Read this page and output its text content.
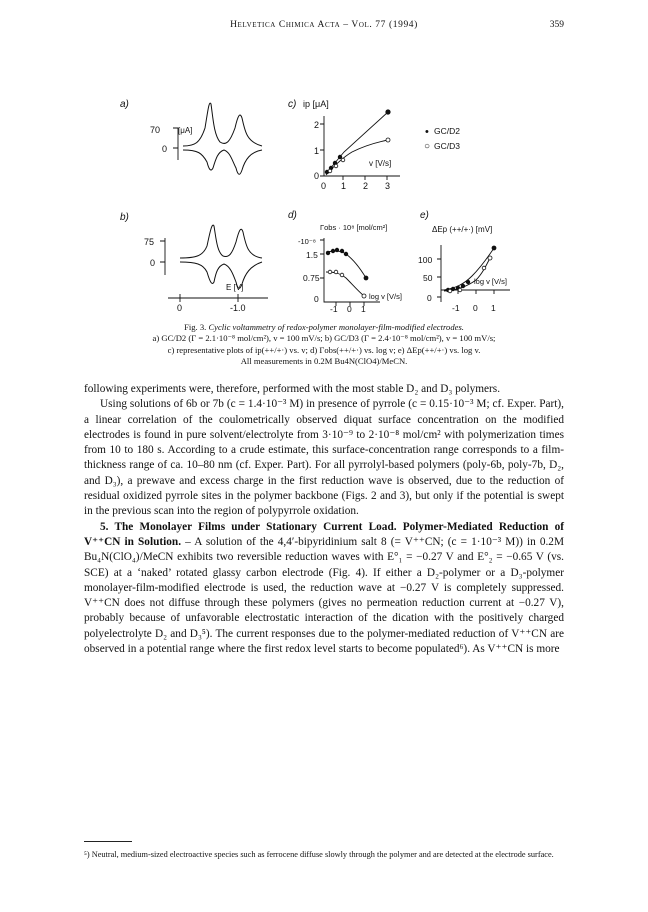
Helvetica Chimica Acta – Vol. 77 (1994)	359
a)
70 [μA]
0
b)
75
0
E [V]
0	-1.0
c) ip [μA]
2
1
0
0 1 2 3
v [V/s]
• GC/D2
○ GC/D3
d)
Γobs · 10⁸ [mol/cm²]
-10⁻⁸
1.5
0.75
0
-1 0 1
log v [V/s]
e)
ΔEp (++/+·) [mV]
100
50
0
-1 0 1
log v [V/s]
Fig. 3. Cyclic voltammetry of redox-polymer monolayer-film-modified electrodes.
a) GC/D2 (Γ = 2.1·10⁻⁸ mol/cm²), v = 100 mV/s; b) GC/D3 (Γ = 2.4·10⁻⁸ mol/cm²), v = 100 mV/s;
c) representative plots of ip(++/+·) vs. v; d) Γobs(++/+·) vs. log v; e) ΔEp(++/+·) vs. log v.
All measurements in 0.2M Bu4N(ClO4)/MeCN.

following experiments were, therefore, performed with the most stable D₂ and D₃ polymers.

Using solutions of 6b or 7b (c = 1.4·10⁻³ M) in presence of pyrrole (c = 0.15·10⁻³ M; cf. Exper. Part), a linear correlation of the coulometrically observed diquat surface concentration on the modified electrodes is found in pure solvent/electrolyte from 3·10⁻⁹ to 2·10⁻⁸ mol/cm² with polymerization times from 10 to 180 s. According to a crude estimate, this surface-concentration range corresponds to a film-thickness range of ca. 10–80 nm (cf. Exper. Part). For all pyrrolyl-based polymers (poly-6b, poly-7b, D₂, and D₃), a prewave and excess charge in the first reduction wave is observed, due to the reduction of residual oxidized pyrrole sites in the polymer backbone (Figs. 2 and 3), but only if the potential is swept in the previous scan into the region of polypyrrole oxidation.

5. The Monolayer Films under Stationary Current Load. Polymer-Mediated Reduction of V⁺⁺CN in Solution. – A solution of the 4,4′-bipyridinium salt 8 (= V⁺⁺CN; (c = 1·10⁻³ M)) in 0.2M Bu₄N(ClO₄)/MeCN exhibits two reversible reduction waves with E°₁ = −0.27 V and E°₂ = −0.65 V (vs. SCE) at a ‘naked’ rotated glassy carbon electrode (Fig. 4). If either a D₂-polymer or a D₃-polymer monolayer-film-modified electrode is used, the reduction wave at −0.27 V is completely suppressed. V⁺⁺CN does not diffuse through these polymers (gives no permeation reduction current at −0.27 V), probably because of unfavorable electrostatic interaction of the dication with the positively charged polyelectrolyte D₂ and D₃⁵). The current responses due to the polymer-mediated reduction of V⁺⁺CN are observed in a potential range where the first redox level starts to become populated⁶). As V⁺⁺CN is more

⁵) Neutral, medium-sized electroactive species such as ferrocene diffuse slowly through the polymer and are detected at the electrode surface.
